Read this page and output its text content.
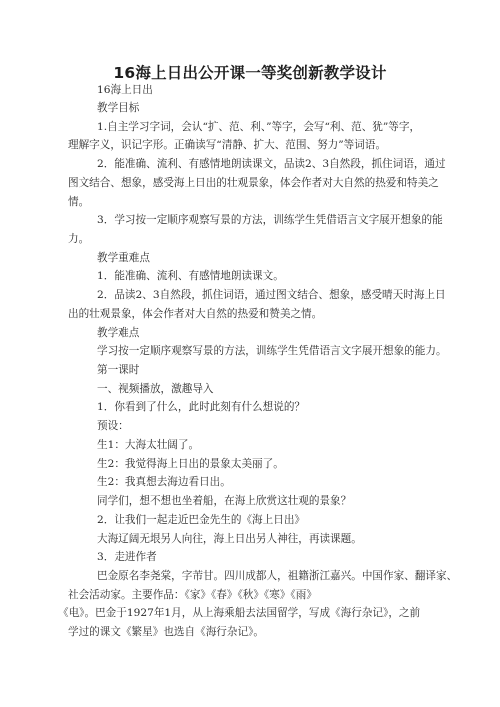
16海上日出公开课一等奖创新教学设计
16海上日出
教学目标
1.自主学习字词，会认“扩、范、利、”等字，会写“利、范、犹”等字，
理解字义，识记字形。正确读写“清静、扩大、范围、努力”等词语。
2．能准确、流利、有感情地朗读课文，品读2、3自然段，抓住词语，通过
图文结合、想象，感受海上日出的壮观景象，体会作者对大自然的热爱和特美之
情。
3．学习按一定顺序观察写景的方法，训练学生凭借语言文字展开想象的能
力。
教学重难点
1．能准确、流利、有感情地朗读课文。
2．品读2、3自然段，抓住词语，通过图文结合、想象，感受晴天时海上日
出的壮观景象，体会作者对大自然的热爱和赞美之情。
教学难点
学习按一定顺序观察写景的方法，训练学生凭借语言文字展开想象的能力。
第一课时
一、视频播放，激趣导入
1．你看到了什么，此时此刻有什么想说的？
预设：
生1：大海太壮阔了。
生2：我觉得海上日出的景象太美丽了。
生2：我真想去海边看日出。
同学们，想不想也坐着船，在海上欣赏这壮观的景象？
2．让我们一起走近巴金先生的《海上日出》
大海辽阔无垠另人向往，海上日出另人神往，再读课题。
3．走进作者
巴金原名李尧棠，字芾甘。四川成都人，祖籍浙江嘉兴。中国作家、翻译家、
社会活动家。主要作品：《家》《春》《秋》《寒》《雨》
《电》。巴金于1927年1月，从上海乘船去法国留学，写成《海行杂记》，之前
学过的课文《繁星》也选自《海行杂记》。
